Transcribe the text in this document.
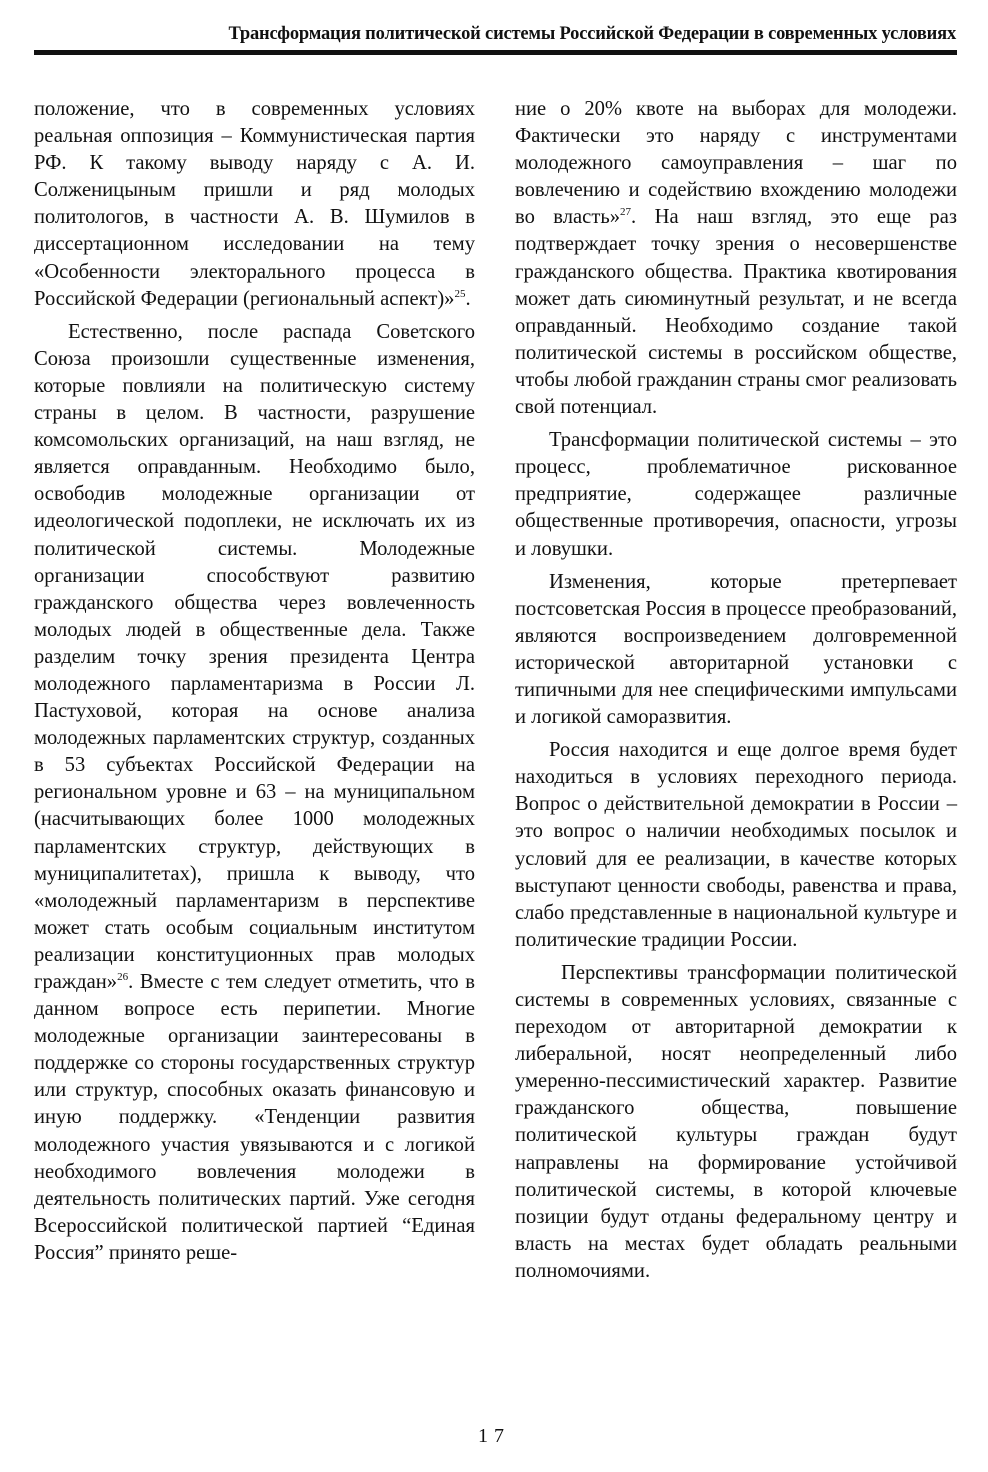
Трансформация политической системы Российской Федерации в современных условиях

положение, что в современных условиях реальная оппозиция – Коммунистическая партия РФ. К такому выводу наряду с А. И. Солженицыным пришли и ряд молодых политологов, в частности А. В. Шумилов в диссертационном исследовании на тему «Особенности электорального процесса в Российской Федерации (региональный аспект)»$^{25}$.

Естественно, после распада Советского Союза произошли существенные изменения, которые повлияли на политическую систему страны в целом. В частности, разрушение комсомольских организаций, на наш взгляд, не является оправданным. Необходимо было, освободив молодежные организации от идеологической подоплеки, не исключать их из политической системы. Молодежные организации способствуют развитию гражданского общества через вовлеченность молодых людей в общественные дела. Также разделим точку зрения президента Центра молодежного парламентаризма в России Л. Пастуховой, которая на основе анализа молодежных парламентских структур, созданных в 53 субъектах Российской Федерации на региональном уровне и 63 – на муниципальном (насчитывающих более 1000 молодежных парламентских структур, действующих в муниципалитетах), пришла к выводу, что «молодежный парламентаризм в перспективе может стать особым социальным институтом реализации конституционных прав молодых граждан»$^{26}$. Вместе с тем следует отметить, что в данном вопросе есть перипетии. Многие молодежные организации заинтересованы в поддержке со стороны государственных структур или структур, способных оказать финансовую и иную поддержку. «Тенденции развития молодежного участия увязываются и с логикой необходимого вовлечения молодежи в деятельность политических партий. Уже сегодня Всероссийской политической партией “Единая Россия” принято реше-

ние о 20% квоте на выборах для молодежи. Фактически это наряду с инструментами молодежного самоуправления – шаг по вовлечению и содействию вхождению молодежи во власть»$^{27}$. На наш взгляд, это еще раз подтверждает точку зрения о несовершенстве гражданского общества. Практика квотирования может дать сиюминутный результат, и не всегда оправданный. Необходимо создание такой политической системы в российском обществе, чтобы любой гражданин страны смог реализовать свой потенциал.

Трансформации политической системы – это процесс, проблематичное рискованное предприятие, содержащее различные общественные противоречия, опасности, угрозы и ловушки.

Изменения, которые претерпевает постсоветская Россия в процессе преобразований, являются воспроизведением долговременной исторической авторитарной установки с типичными для нее специфическими импульсами и логикой саморазвития.

Россия находится и еще долгое время будет находиться в условиях переходного периода. Вопрос о действительной демократии в России – это вопрос о наличии необходимых посылок и условий для ее реализации, в качестве которых выступают ценности свободы, равенства и права, слабо представленные в национальной культуре и политические традиции России.

Перспективы трансформации политической системы в современных условиях, связанные с переходом от авторитарной демократии к либеральной, носят неопределенный либо умеренно-пессимистический характер. Развитие гражданского общества, повышение политической культуры граждан будут направлены на формирование устойчивой политической системы, в которой ключевые позиции будут отданы федеральному центру и власть на местах будет обладать реальными полномочиями.

17
